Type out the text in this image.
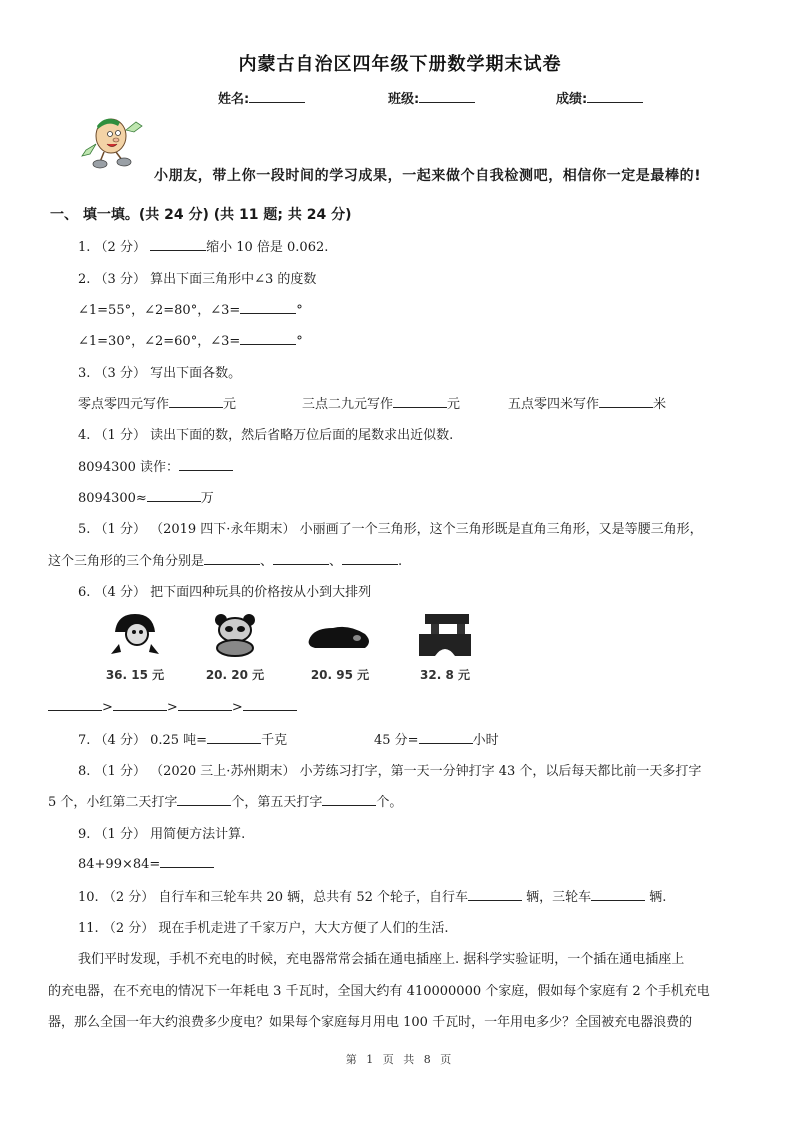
内蒙古自治区四年级下册数学期末试卷
姓名:	班级:	成绩:
小朋友，带上你一段时间的学习成果，一起来做个自我检测吧，相信你一定是最棒的!
一、 填一填。(共 24 分) (共 11 题; 共 24 分)
1. （2 分）	缩小 10 倍是 0.062.
2. （3 分） 算出下面三角形中∠3 的度数
∠1=55°，∠2=80°，∠3=	°
∠1=30°，∠2=60°，∠3=	°
3. （3 分） 写出下面各数。
零点零四元写作	元	三点二九元写作	元	五点零四米写作	米
4. （1 分） 读出下面的数，然后省略万位后面的尾数求出近似数.
8094300 读作：
8094300≈	万
5. （1 分） （2019 四下·永年期末） 小丽画了一个三角形，这个三角形既是直角三角形，又是等腰三角形，
这个三角形的三个角分别是	、	、	.
6. （4 分） 把下面四种玩具的价格按从小到大排列
36. 15 元	20. 20 元	20. 95 元	32. 8 元
>	>	>
7. （4 分） 0.25 吨=	千克	45 分=	小时
8. （1 分） （2020 三上·苏州期末） 小芳练习打字，第一天一分钟打字 43 个，以后每天都比前一天多打字
5 个，小红第二天打字	个，第五天打字	个。
9. （1 分） 用简便方法计算.
84+99×84=
10. （2 分） 自行车和三轮车共 20 辆，总共有 52 个轮子，自行车	辆，三轮车	辆.
11. （2 分） 现在手机走进了千家万户，大大方便了人们的生活.
我们平时发现，手机不充电的时候，充电器常常会插在通电插座上. 据科学实验证明，一个插在通电插座上
的充电器，在不充电的情况下一年耗电 3 千瓦时，全国大约有 410000000 个家庭，假如每个家庭有 2 个手机充电
器，那么全国一年大约浪费多少度电？如果每个家庭每月用电 100 千瓦时，一年用电多少？全国被充电器浪费的
第 1 页 共 8 页
